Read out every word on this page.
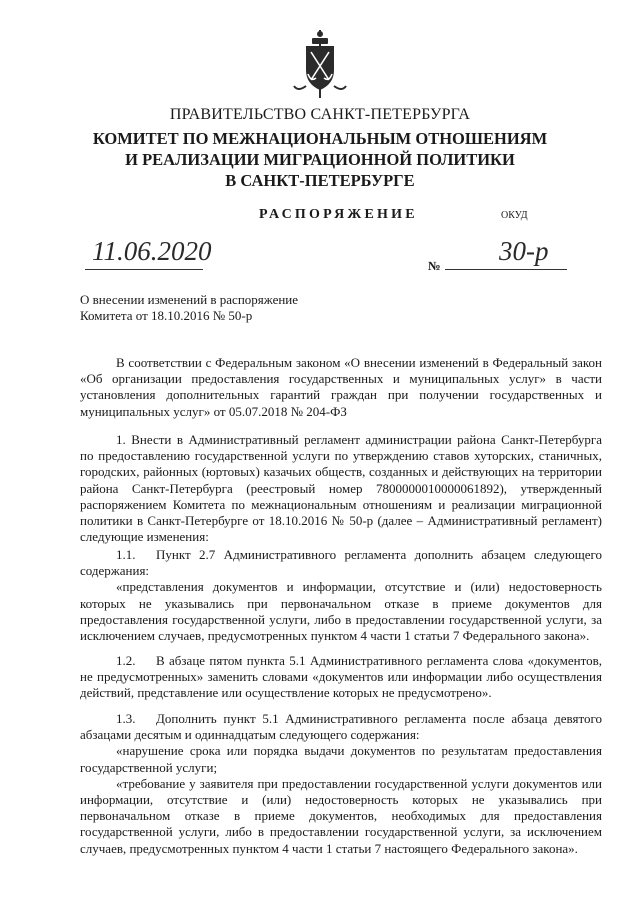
ПРАВИТЕЛЬСТВО САНКТ-ПЕТЕРБУРГА
КОМИТЕТ ПО МЕЖНАЦИОНАЛЬНЫМ ОТНОШЕНИЯМ
И РЕАЛИЗАЦИИ МИГРАЦИОННОЙ ПОЛИТИКИ
В САНКТ-ПЕТЕРБУРГЕ
РАСПОРЯЖЕНИЕ	ОКУД
11.06.2020	№ 30-р
О внесении изменений в распоряжение
Комитета от 18.10.2016 № 50-р

В соответствии с Федеральным законом «О внесении изменений в Федеральный закон «Об организации предоставления государственных и муниципальных услуг» в части установления дополнительных гарантий граждан при получении государственных и муниципальных услуг» от 05.07.2018 № 204-ФЗ

1. Внести в Административный регламент администрации района Санкт-Петербурга по предоставлению государственной услуги по утверждению ставов хуторских, станичных, городских, районных (юртовых) казачьих обществ, созданных и действующих на территории района Санкт-Петербурга (реестровый номер 7800000010000061892), утвержденный распоряжением Комитета по межнациональным отношениям и реализации миграционной политики в Санкт-Петербурге от 18.10.2016 № 50-р (далее – Административный регламент) следующие изменения:

1.1. Пункт 2.7 Административного регламента дополнить абзацем следующего содержания:

«представления документов и информации, отсутствие и (или) недостоверность которых не указывались при первоначальном отказе в приеме документов для предоставления государственной услуги, либо в предоставлении государственной услуги, за исключением случаев, предусмотренных пунктом 4 части 1 статьи 7 Федерального закона».

1.2. В абзаце пятом пункта 5.1 Административного регламента слова «документов, не предусмотренных» заменить словами «документов или информации либо осуществления действий, представление или осуществление которых не предусмотрено».

1.3. Дополнить пункт 5.1 Административного регламента после абзаца девятого абзацами десятым и одиннадцатым следующего содержания:

«нарушение срока или порядка выдачи документов по результатам предоставления государственной услуги;

«требование у заявителя при предоставлении государственной услуги документов или информации, отсутствие и (или) недостоверность которых не указывались при первоначальном отказе в приеме документов, необходимых для предоставления государственной услуги, либо в предоставлении государственной услуги, за исключением случаев, предусмотренных пунктом 4 части 1 статьи 7 настоящего Федерального закона».
